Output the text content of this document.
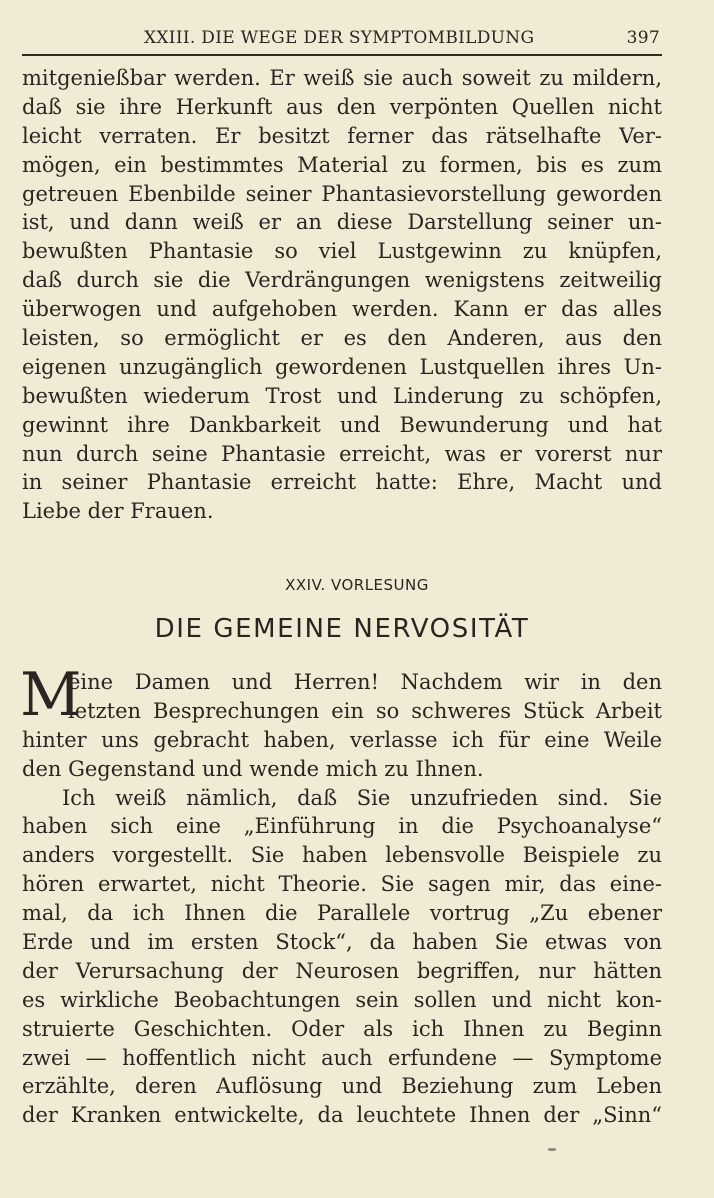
XXIII. DIE WEGE DER SYMPTOMBILDUNG	397
mitgenießbar werden. Er weiß sie auch soweit zu mildern,
daß sie ihre Herkunft aus den verpönten Quellen nicht
leicht verraten. Er besitzt ferner das rätselhafte Ver-
mögen, ein bestimmtes Material zu formen, bis es zum
getreuen Ebenbilde seiner Phantasievorstellung geworden
ist, und dann weiß er an diese Darstellung seiner un-
bewußten Phantasie so viel Lustgewinn zu knüpfen,
daß durch sie die Verdrängungen wenigstens zeitweilig
überwogen und aufgehoben werden. Kann er das alles
leisten, so ermöglicht er es den Anderen, aus den
eigenen unzugänglich gewordenen Lustquellen ihres Un-
bewußten wiederum Trost und Linderung zu schöpfen,
gewinnt ihre Dankbarkeit und Bewunderung und hat
nun durch seine Phantasie erreicht, was er vorerst nur
in seiner Phantasie erreicht hatte: Ehre, Macht und
Liebe der Frauen.
XXIV. VORLESUNG
DIE GEMEINE NERVOSITÄT
M
eine Damen und Herren! Nachdem wir in den
letzten Besprechungen ein so schweres Stück Arbeit
hinter uns gebracht haben, verlasse ich für eine Weile
den Gegenstand und wende mich zu Ihnen.
Ich weiß nämlich, daß Sie unzufrieden sind. Sie
haben sich eine „Einführung in die Psychoanalyse“
anders vorgestellt. Sie haben lebensvolle Beispiele zu
hören erwartet, nicht Theorie. Sie sagen mir, das eine-
mal, da ich Ihnen die Parallele vortrug „Zu ebener
Erde und im ersten Stock“, da haben Sie etwas von
der Verursachung der Neurosen begriffen, nur hätten
es wirkliche Beobachtungen sein sollen und nicht kon-
struierte Geschichten. Oder als ich Ihnen zu Beginn
zwei — hoffentlich nicht auch erfundene — Symptome
erzählte, deren Auflösung und Beziehung zum Leben
der Kranken entwickelte, da leuchtete Ihnen der „Sinn“
